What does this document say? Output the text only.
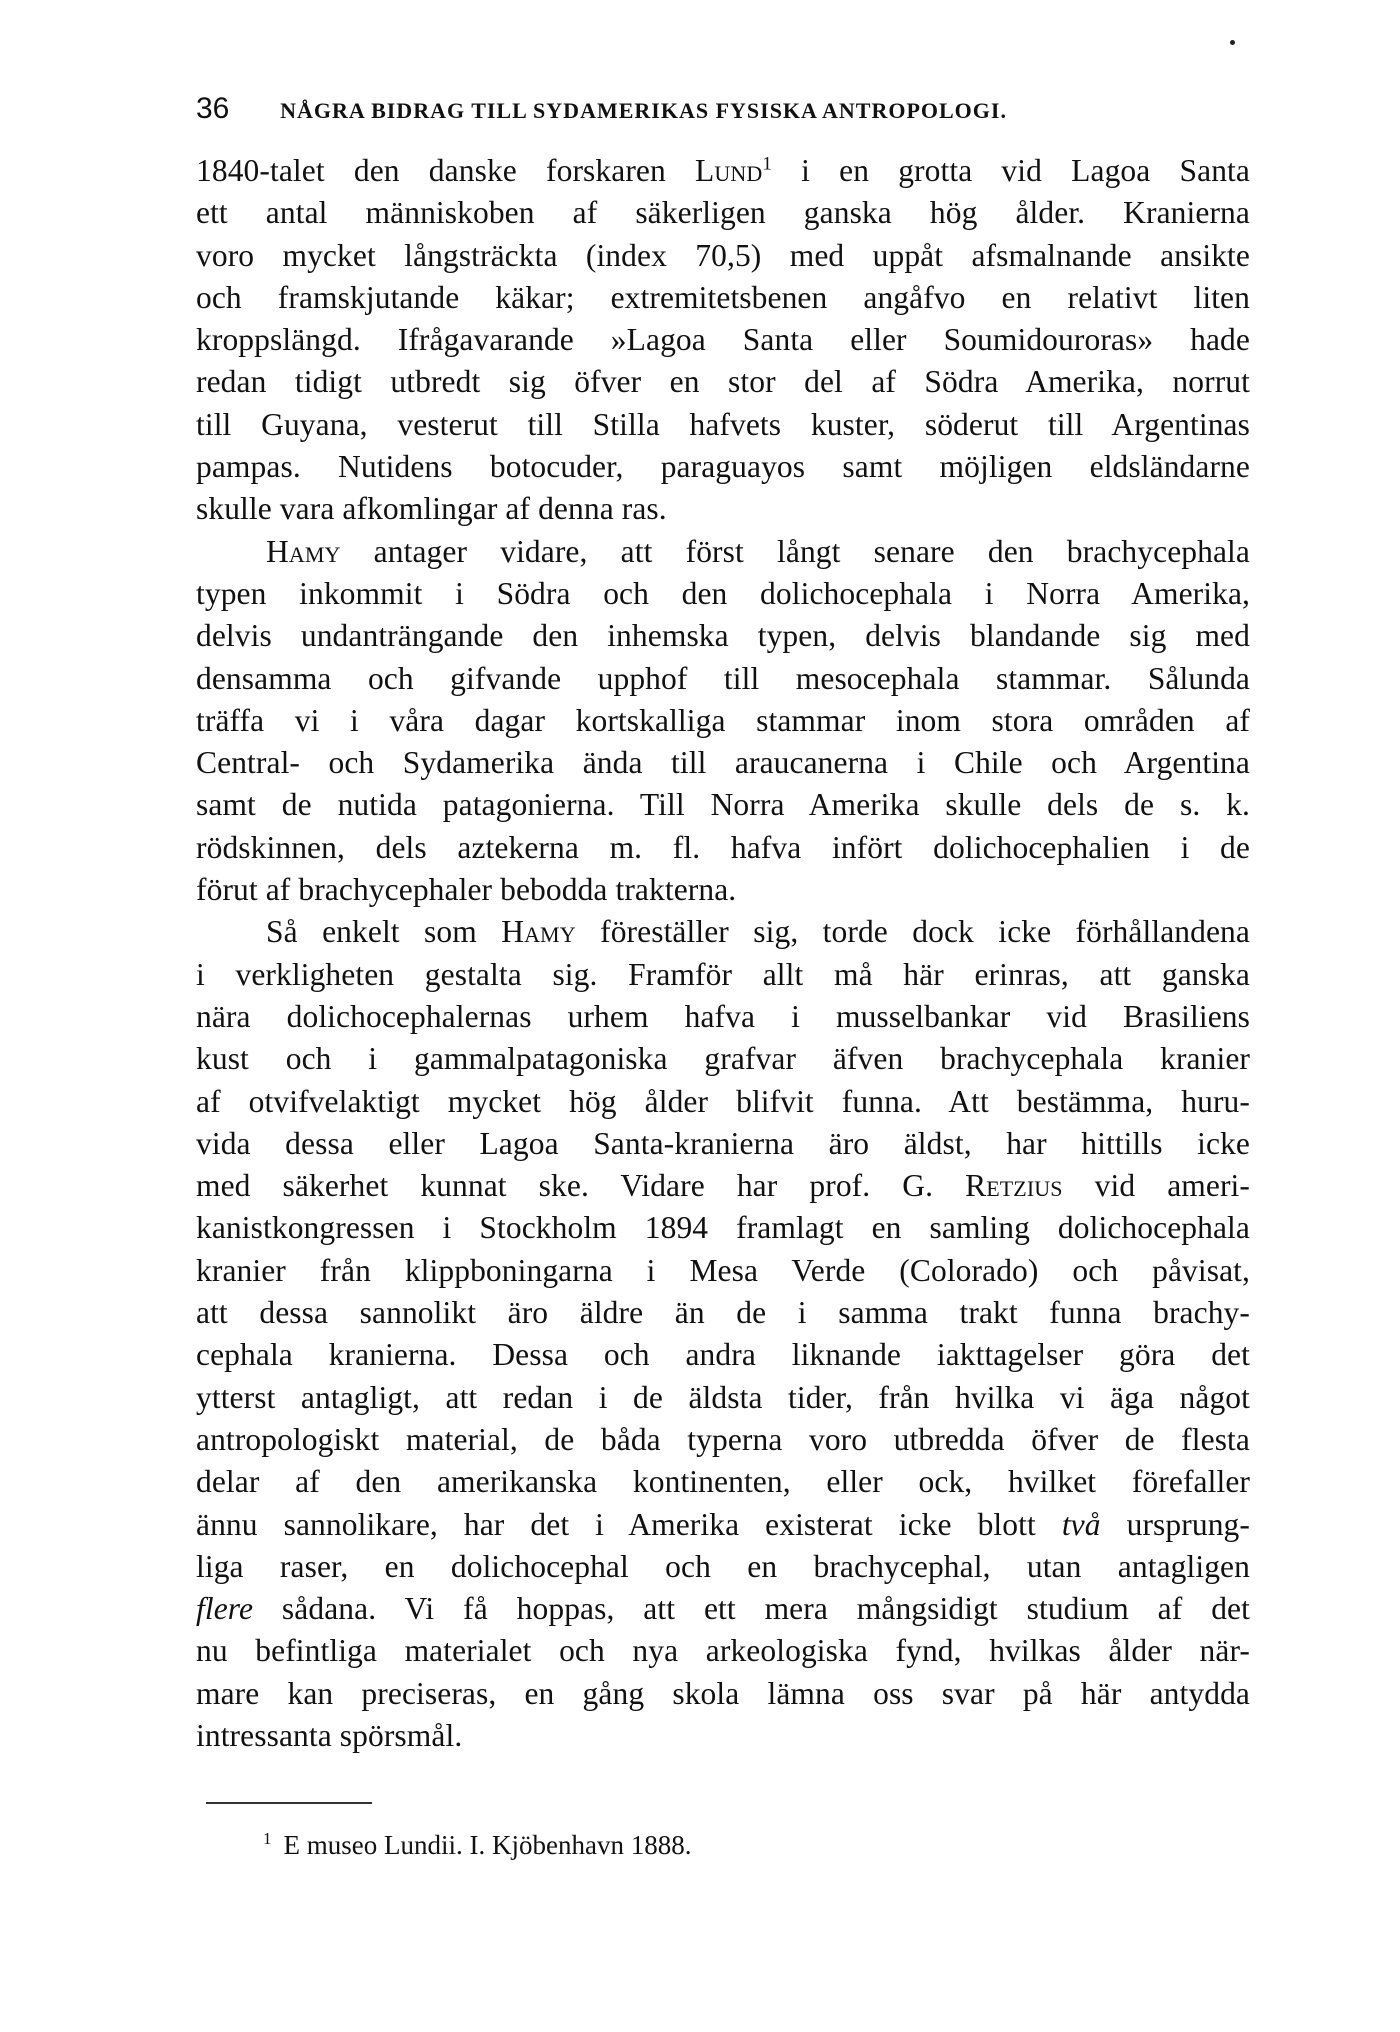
36 NÅGRA BIDRAG TILL SYDAMERIKAS FYSISKA ANTROPOLOGI.
1840-talet den danske forskaren Lund$^1$ i en grotta vid Lagoa Santa
ett antal människoben af säkerligen ganska hög ålder. Kranierna
voro mycket långsträckta (index 70,5) med uppåt afsmalnande ansikte
och framskjutande käkar; extremitetsbenen angåfvo en relativt liten
kroppslängd. Ifrågavarande »Lagoa Santa eller Soumidouroras» hade
redan tidigt utbredt sig öfver en stor del af Södra Amerika, norrut
till Guyana, vesterut till Stilla hafvets kuster, söderut till Argentinas
pampas. Nutidens botocuder, paraguayos samt möjligen eldsländarne
skulle vara afkomlingar af denna ras.
Hamy antager vidare, att först långt senare den brachycephala
typen inkommit i Södra och den dolichocephala i Norra Amerika,
delvis undanträngande den inhemska typen, delvis blandande sig med
densamma och gifvande upphof till mesocephala stammar. Sålunda
träffa vi i våra dagar kortskalliga stammar inom stora områden af
Central- och Sydamerika ända till araucanerna i Chile och Argentina
samt de nutida patagonierna. Till Norra Amerika skulle dels de s. k.
rödskinnen, dels aztekerna m. fl. hafva infört dolichocephalien i de
förut af brachycephaler bebodda trakterna.
Så enkelt som Hamy föreställer sig, torde dock icke förhållandena
i verkligheten gestalta sig. Framför allt må här erinras, att ganska
nära dolichocephalernas urhem hafva i musselbankar vid Brasiliens
kust och i gammalpatagoniska grafvar äfven brachycephala kranier
af otvifvelaktigt mycket hög ålder blifvit funna. Att bestämma, huru-
vida dessa eller Lagoa Santa-kranierna äro äldst, har hittills icke
med säkerhet kunnat ske. Vidare har prof. G. Retzius vid ameri-
kanistkongressen i Stockholm 1894 framlagt en samling dolichocephala
kranier från klippboningarna i Mesa Verde (Colorado) och påvisat,
att dessa sannolikt äro äldre än de i samma trakt funna brachy-
cephala kranierna. Dessa och andra liknande iakttagelser göra det
ytterst antagligt, att redan i de äldsta tider, från hvilka vi äga något
antropologiskt material, de båda typerna voro utbredda öfver de flesta
delar af den amerikanska kontinenten, eller ock, hvilket förefaller
ännu sannolikare, har det i Amerika existerat icke blott två ursprung-
liga raser, en dolichocephal och en brachycephal, utan antagligen
flere sådana. Vi få hoppas, att ett mera mångsidigt studium af det
nu befintliga materialet och nya arkeologiska fynd, hvilkas ålder när-
mare kan preciseras, en gång skola lämna oss svar på här antydda
intressanta spörsmål.
$^1$ E museo Lundii. I. Kjöbenhavn 1888.
